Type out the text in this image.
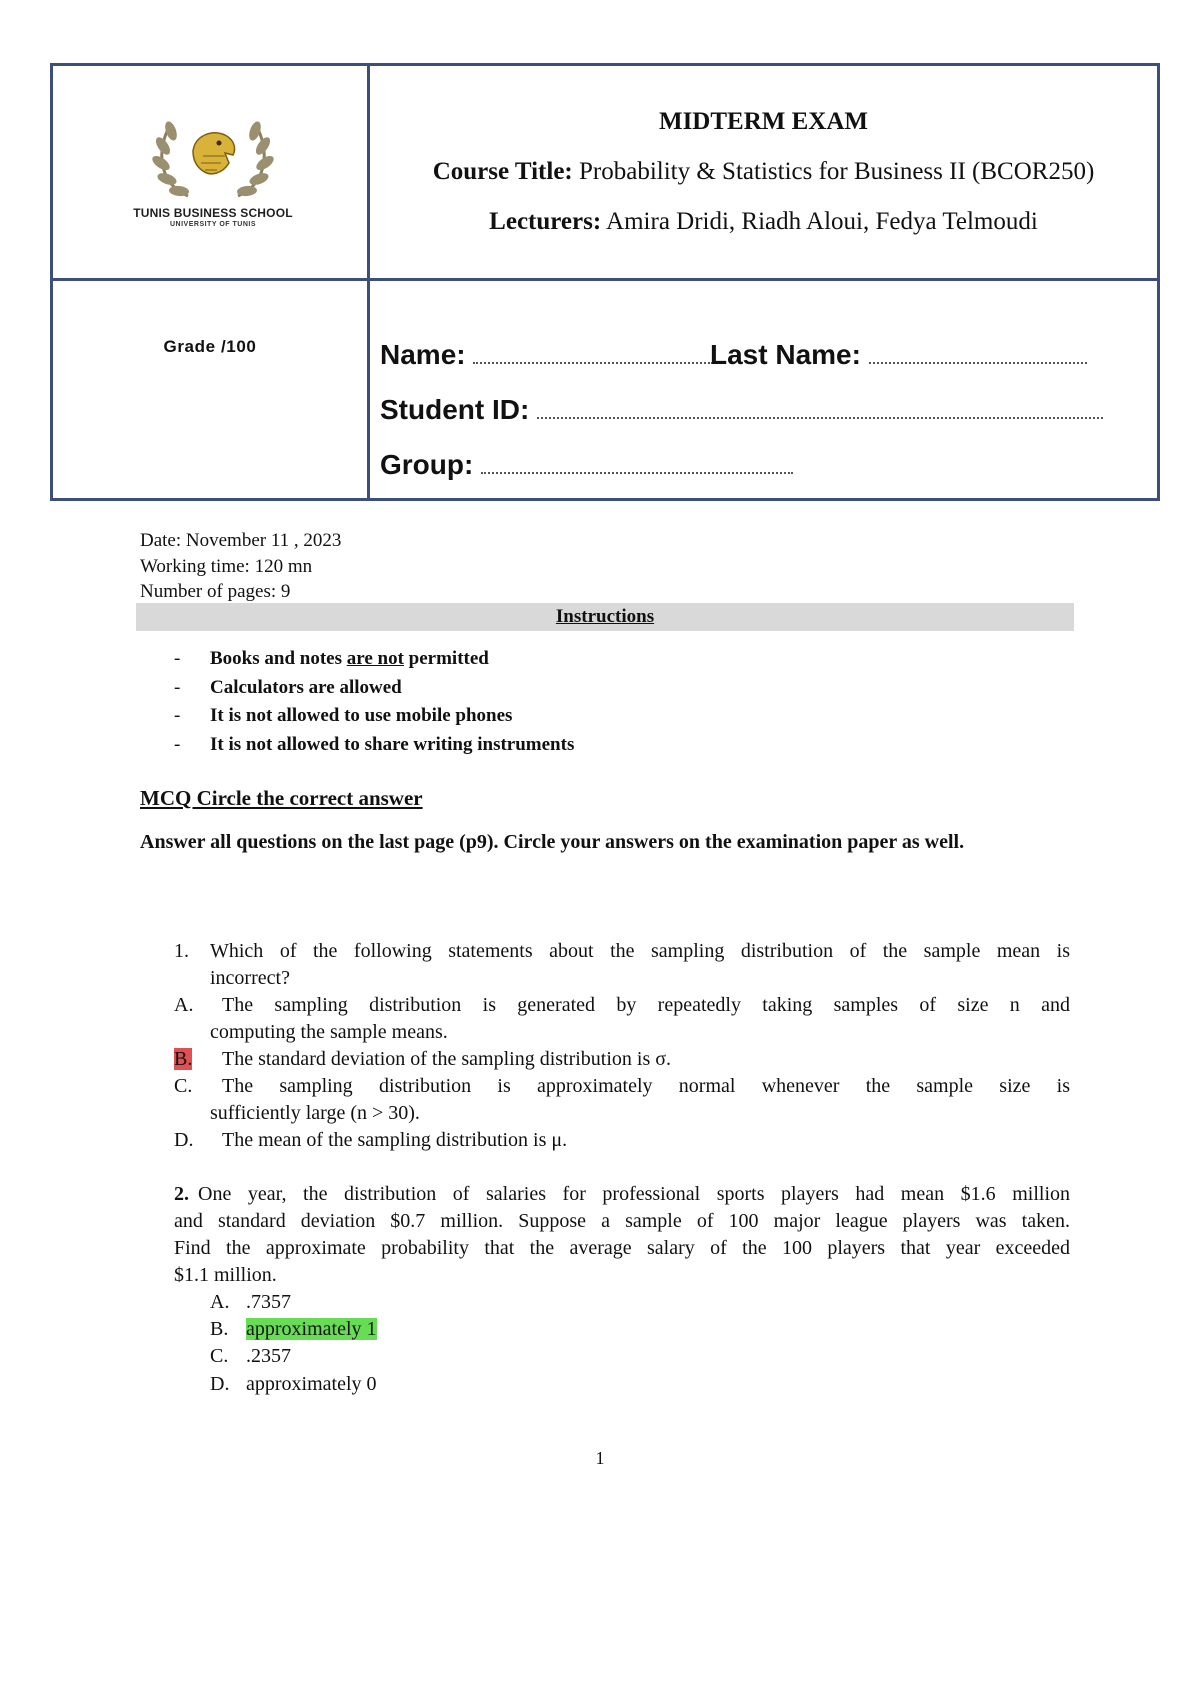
TUNIS BUSINESS SCHOOL
UNIVERSITY OF TUNIS
MIDTERM EXAM
Course Title: Probability & Statistics for Business II (BCOR250)
Lecturers: Amira Dridi, Riadh Aloui, Fedya Telmoudi
Grade /100	Name:	Last Name:
Student ID:
Group:
Date: November 11 , 2023
Working time: 120 mn
Number of pages: 9
Instructions
- Books and notes are not permitted
- Calculators are allowed
- It is not allowed to use mobile phones
- It is not allowed to share writing instruments
MCQ Circle the correct answer
Answer all questions on the last page (p9). Circle your answers on the examination paper as well.
1. Which of the following statements about the sampling distribution of the sample mean is
incorrect?
A. The sampling distribution is generated by repeatedly taking samples of size n and
computing the sample means.
B. The standard deviation of the sampling distribution is σ.
C. The sampling distribution is approximately normal whenever the sample size is
sufficiently large (n > 30).
D. The mean of the sampling distribution is μ.
2. One year, the distribution of salaries for professional sports players had mean $1.6 million
and standard deviation $0.7 million. Suppose a sample of 100 major league players was taken.
Find the approximate probability that the average salary of the 100 players that year exceeded
$1.1 million.
A. .7357
B. approximately 1
C. .2357
D. approximately 0
1
